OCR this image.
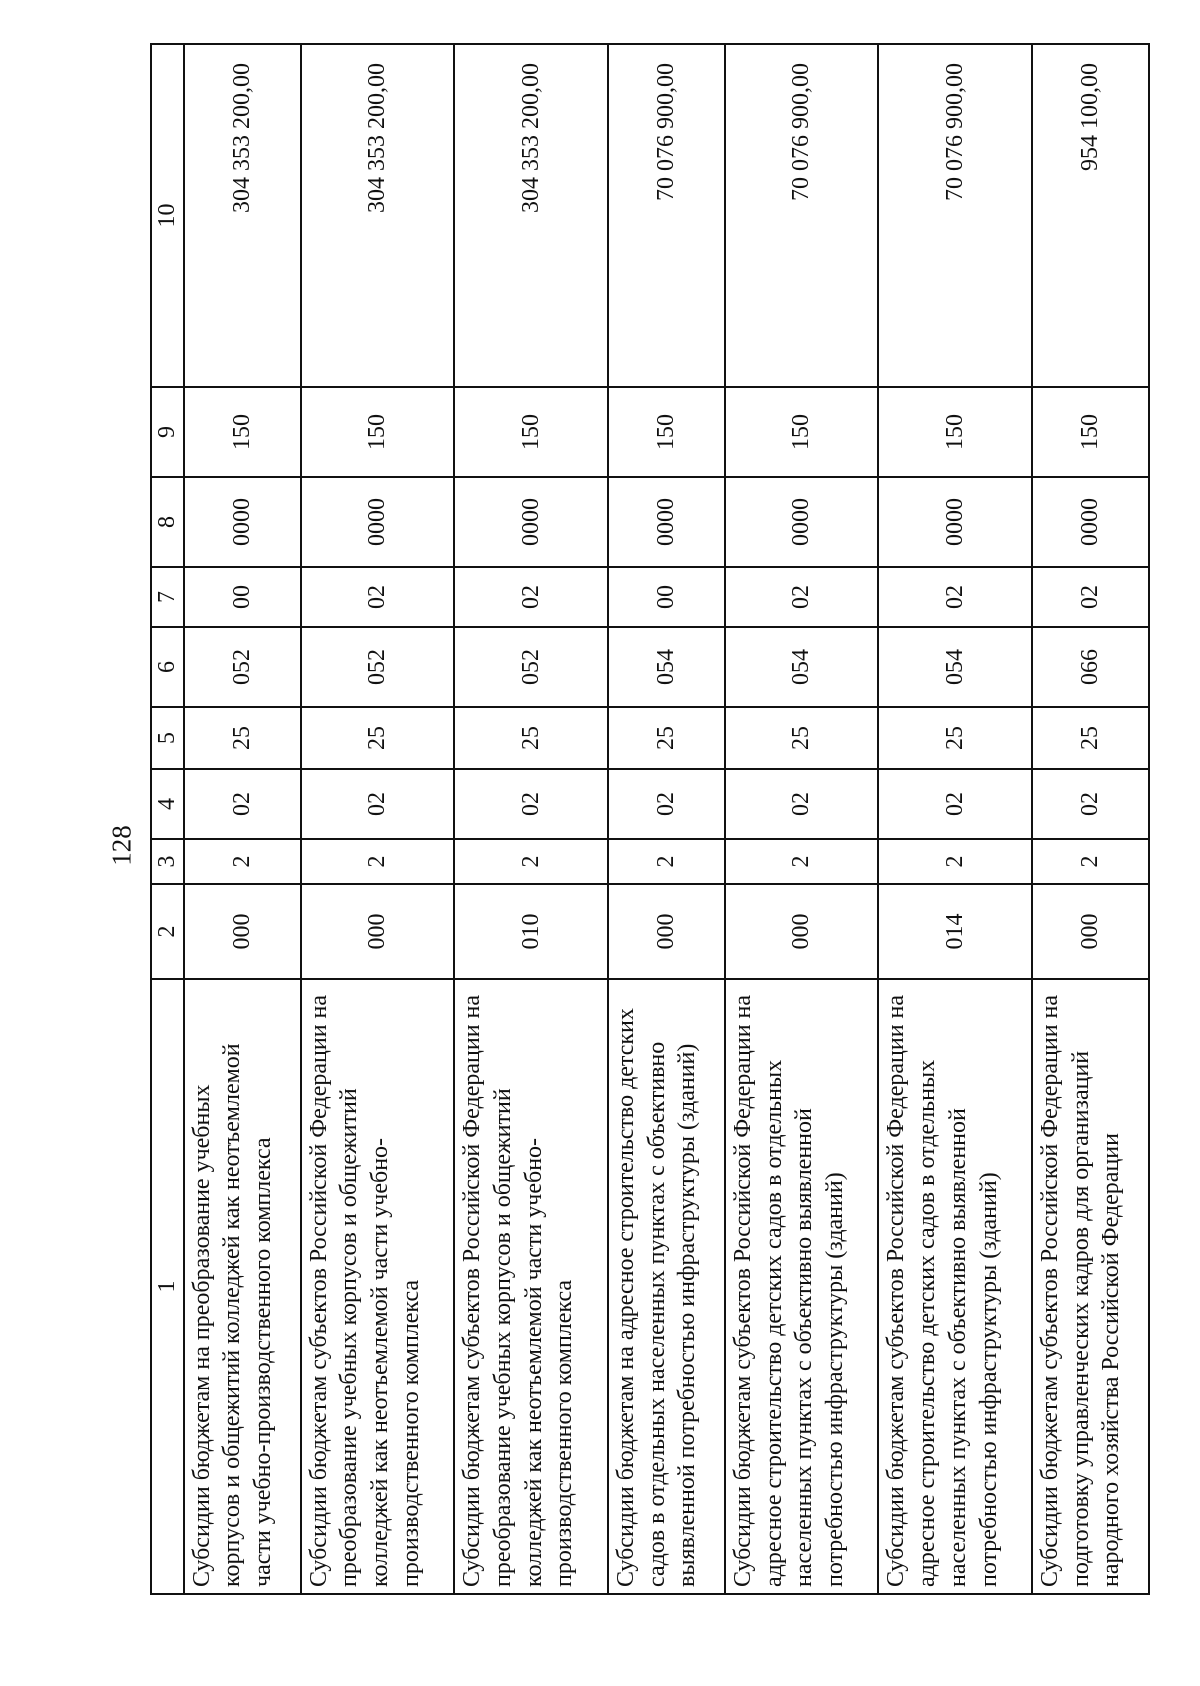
128
1	2	3	4	5	6	7	8	9	10
Субсидии бюджетам на преобразование учебных корпусов и общежитий колледжей как неотъемлемой части учебно-производственного комплекса	000	2	02	25	052	00	0000	150	304 353 200,00
Субсидии бюджетам субъектов Российской Федерации на преобразование учебных корпусов и общежитий колледжей как неотъемлемой части учебно-производственного комплекса	000	2	02	25	052	02	0000	150	304 353 200,00
Субсидии бюджетам субъектов Российской Федерации на преобразование учебных корпусов и общежитий колледжей как неотъемлемой части учебно-производственного комплекса	010	2	02	25	052	02	0000	150	304 353 200,00
Субсидии бюджетам на адресное строительство детских садов в отдельных населенных пунктах с объективно выявленной потребностью инфраструктуры (зданий)	000	2	02	25	054	00	0000	150	70 076 900,00
Субсидии бюджетам субъектов Российской Федерации на адресное строительство детских садов в отдельных населенных пунктах с объективно выявленной потребностью инфраструктуры (зданий)	000	2	02	25	054	02	0000	150	70 076 900,00
Субсидии бюджетам субъектов Российской Федерации на адресное строительство детских садов в отдельных населенных пунктах с объективно выявленной потребностью инфраструктуры (зданий)	014	2	02	25	054	02	0000	150	70 076 900,00
Субсидии бюджетам субъектов Российской Федерации на подготовку управленческих кадров для организаций народного хозяйства Российской Федерации	000	2	02	25	066	02	0000	150	954 100,00
